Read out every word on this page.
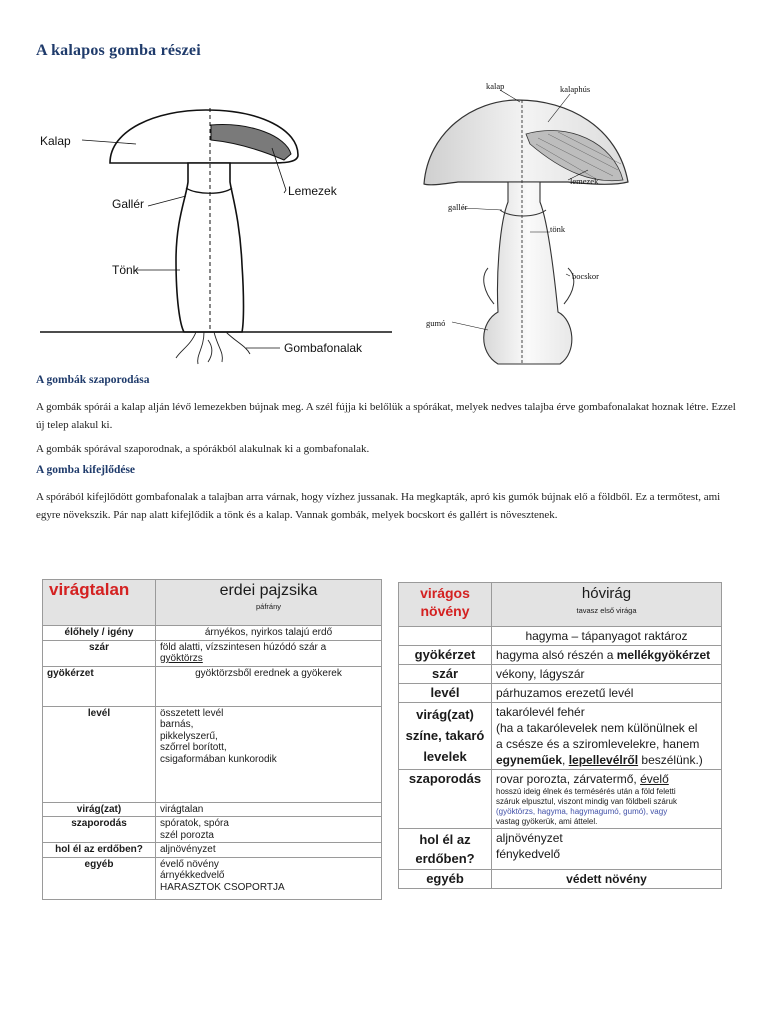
A kalapos gomba részei
Kalap
Lemezek
Gallér
Tönk
Gombafonalak
kalap	kalaphús
lemezek
gallér
tönk
bocskor
gumó
A gombák szaporodása
A gombák spórái a kalap alján lévő lemezekben bújnak meg. A szél fújja ki belőlük a spórákat, melyek nedves talajba érve gombafonalakat hoznak létre. Ezzel új telep alakul ki.
A gombák spórával szaporodnak, a spórákból alakulnak ki a gombafonalak.
A gomba kifejlődése
A spórából kifejlődött gombafonalak a talajban arra várnak, hogy vízhez jussanak. Ha megkapták, apró kis gumók bújnak elő a földből. Ez a termőtest, ami egyre növekszik. Pár nap alatt kifejlődik a tönk és a kalap. Vannak gombák, melyek bocskort és gallért is növesztenek.
virágtalan	erdei pajzsika
páfrány

élőhely / igény	árnyékos, nyirkos talajú erdő
szár	föld alatti, vízszintesen húzódó szár a
gyöktörzs
gyökérzet	gyöktörzsből erednek a gyökerek
levél	összetett levél
barnás,
pikkelyszerű,
szőrrel borított,
csigaformában kunkorodik
virág(zat)	virágtalan
szaporodás	spóratok, spóra
szél porozta
hol él az erdőben?	aljnövényzet
egyéb	évelő növény
árnyékkedvelő
HARASZTOK CSOPORTJA
virágos növény	hóvirág
tavasz első virága

	hagyma – tápanyagot raktároz
gyökérzet	hagyma alsó részén a mellékgyökérzet
szár	vékony, lágyszár
levél	párhuzamos erezetű levél
virág(zat) színe, takaró levelek	takarólevél fehér
(ha a takarólevelek nem különülnek el
a csésze és a sziromlevelekre, hanem
egyneműek, lepellevélről beszélünk.)
szaporodás	rovar porozta, zárvatermő, évelő
hosszú ideig élnek és termésérés után a föld feletti
száruk elpusztul, viszont mindig van földbeli száruk
(gyöktörzs, hagyma, hagymagumó, gumó), vagy
vastag gyökerük, ami áttelel.

hol él az erdőben?	aljnövényzet
fénykedvelő
egyéb	védett növény
